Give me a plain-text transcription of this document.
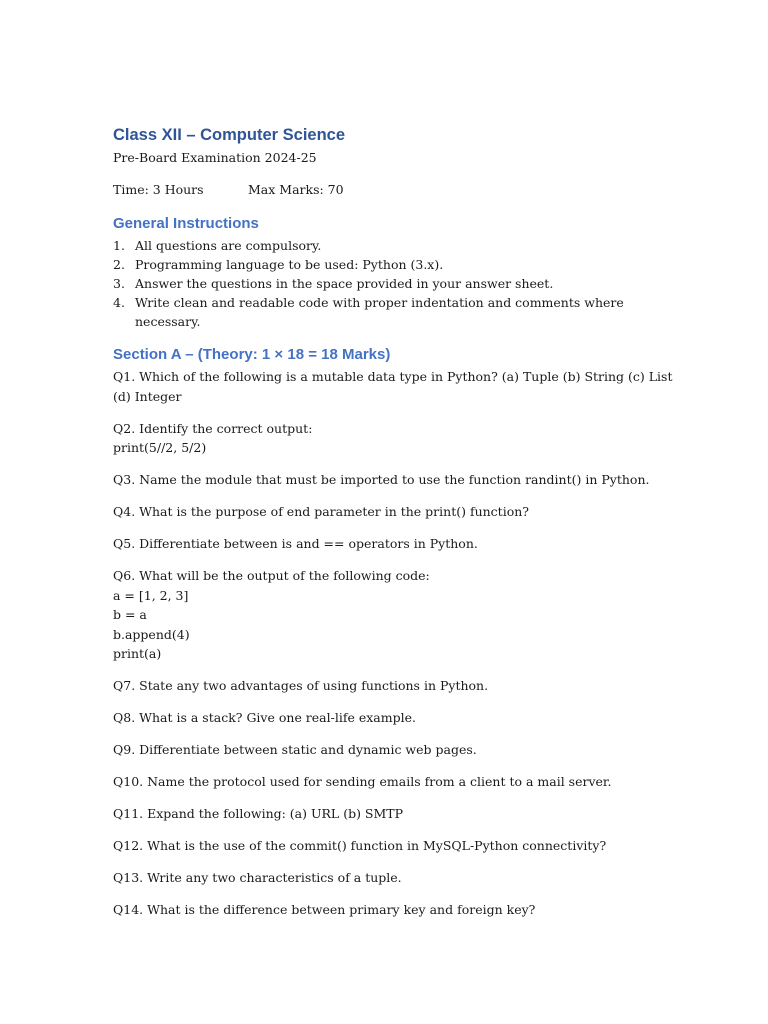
Class XII – Computer Science

Pre-Board Examination 2024-25

Time: 3 Hours	Max Marks: 70
General Instructions
1. All questions are compulsory.
2. Programming language to be used: Python (3.x).
3. Answer the questions in the space provided in your answer sheet.
4. Write clean and readable code with proper indentation and comments where necessary.
Section A – (Theory: 1 × 18 = 18 Marks)

Q1. Which of the following is a mutable data type in Python? (a) Tuple (b) String (c) List (d) Integer

Q2. Identify the correct output:
print(5//2, 5/2)

Q3. Name the module that must be imported to use the function randint() in Python.

Q4. What is the purpose of end parameter in the print() function?

Q5. Differentiate between is and == operators in Python.

Q6. What will be the output of the following code:
a = [1, 2, 3]
b = a
b.append(4)
print(a)

Q7. State any two advantages of using functions in Python.

Q8. What is a stack? Give one real-life example.

Q9. Differentiate between static and dynamic web pages.

Q10. Name the protocol used for sending emails from a client to a mail server.

Q11. Expand the following: (a) URL (b) SMTP

Q12. What is the use of the commit() function in MySQL-Python connectivity?

Q13. Write any two characteristics of a tuple.

Q14. What is the difference between primary key and foreign key?
